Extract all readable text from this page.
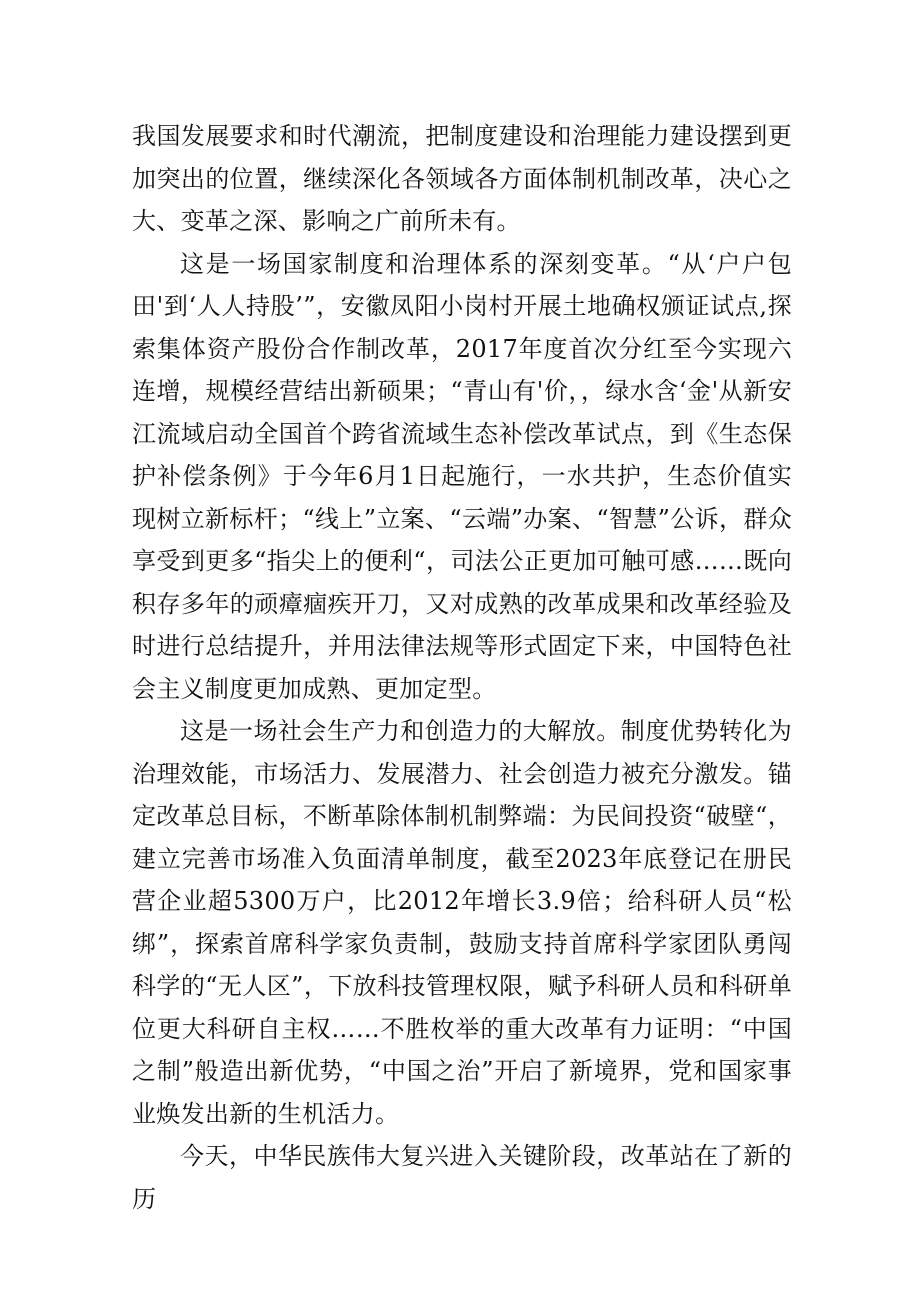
我国发展要求和时代潮流，把制度建设和治理能力建设摆到更加突出的位置，继续深化各领域各方面体制机制改革，决心之大、变革之深、影响之广前所未有。

这是一场国家制度和治理体系的深刻变革。“从‘户户包田'到‘人人持股’”，安徽凤阳小岗村开展土地确权颁证试点,探索集体资产股份合作制改革，2017年度首次分红至今实现六连增，规模经营结出新硕果；“青山有'价，，绿水含‘金'从新安江流域启动全国首个跨省流域生态补偿改革试点，到《生态保护补偿条例》于今年6月1日起施行，一水共护，生态价值实现树立新标杆；“线上”立案、“云端”办案、“智慧”公诉，群众享受到更多“指尖上的便利“，司法公正更加可触可感……既向积存多年的顽瘴痼疾开刀，又对成熟的改革成果和改革经验及时进行总结提升，并用法律法规等形式固定下来，中国特色社会主义制度更加成熟、更加定型。

这是一场社会生产力和创造力的大解放。制度优势转化为治理效能，市场活力、发展潜力、社会创造力被充分激发。锚定改革总目标，不断革除体制机制弊端：为民间投资“破壁“，建立完善市场准入负面清单制度，截至2023年底登记在册民营企业超5300万户，比2012年增长3.9倍；给科研人员“松绑”，探索首席科学家负责制，鼓励支持首席科学家团队勇闯科学的“无人区”，下放科技管理权限，赋予科研人员和科研单位更大科研自主权……不胜枚举的重大改革有力证明：“中国之制”般造出新优势，“中国之治”开启了新境界，党和国家事业焕发出新的生机活力。

今天，中华民族伟大复兴进入关键阶段，改革站在了新的历
